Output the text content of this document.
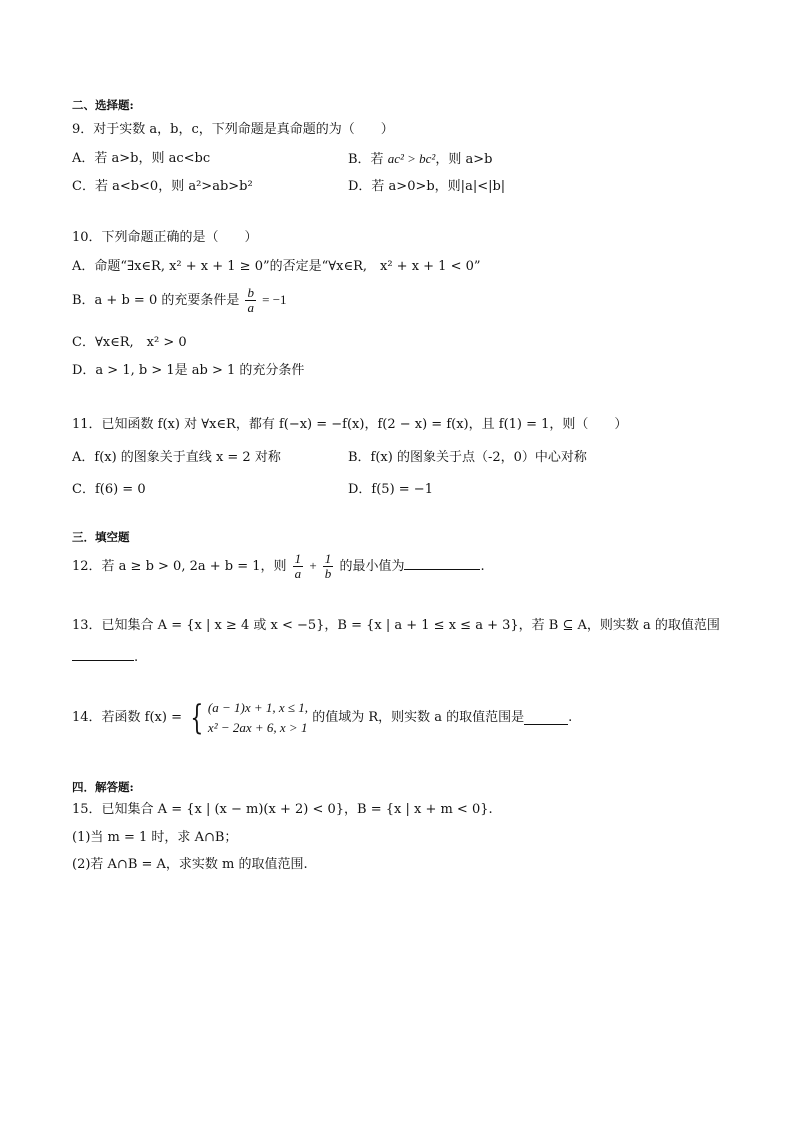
二、选择题:
9．对于实数 a，b，c，下列命题是真命题的为（　　）
A．若 a>b，则 ac<bc	B．若 ac² > bc²，则 a>b
C．若 a<b<0，则 a²>ab>b²	D．若 a>0>b，则|a|<|b|
10．下列命题正确的是（　　）
A．命题“∃x∈R, x² + x + 1 ≥ 0”的否定是“∀x∈R,　x² + x + 1 < 0”
B．a + b = 0 的充要条件是 $\frac{b}{a} = -1$
C．∀x∈R,　x² > 0
D．a > 1, b > 1是 ab > 1 的充分条件
11．已知函数 f(x) 对 ∀x∈R，都有 f(−x) = −f(x)，f(2 − x) = f(x)，且 f(1) = 1，则（　　）
A．f(x) 的图象关于直线 x = 2 对称	B．f(x) 的图象关于点（-2，0）中心对称
C．f(6) = 0	D．f(5) = −1
三．填空题
12．若 a ≥ b > 0, 2a + b = 1，则 $\frac{1}{a} + \frac{1}{b}$ 的最小值为	.
13．已知集合 A = {x | x ≥ 4 或 x < −5}，B = {x | a + 1 ≤ x ≤ a + 3}，若 B ⊆ A，则实数 a 的取值范围
.
14．若函数 f(x) = { (a − 1)x + 1, x ≤ 1,
x² − 2ax + 6, x > 1
的值域为 R，则实数 a 的取值范围是	.
四．解答题:
15．已知集合 A = {x | (x − m)(x + 2) < 0}，B = {x | x + m < 0}.
(1)当 m = 1 时，求 A∩B；
(2)若 A∩B = A，求实数 m 的取值范围.
